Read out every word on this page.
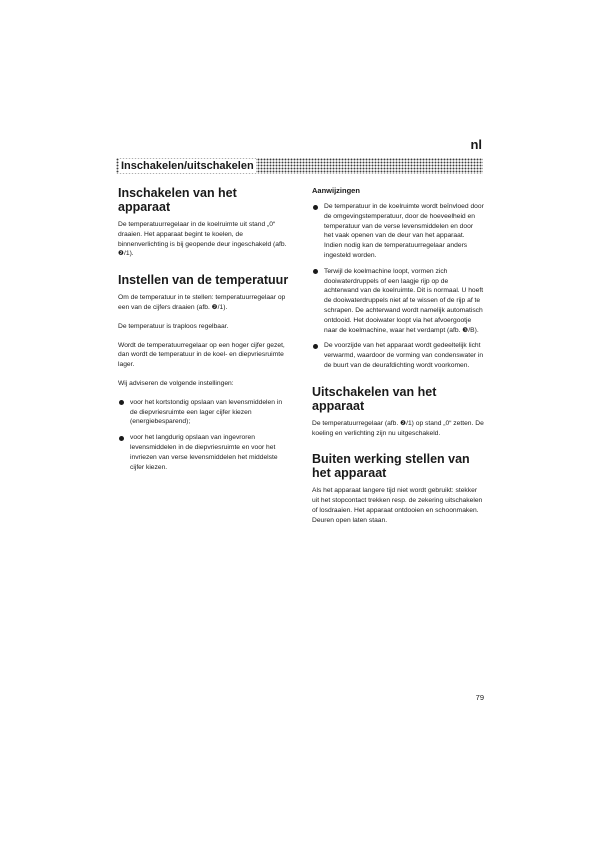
nl
Inschakelen/uitschakelen
Inschakelen van het apparaat

De temperatuurregelaar in de koelruimte uit stand „0“ draaien. Het apparaat begint te koelen, de binnenverlichting is bij geopende deur ingeschakeld (afb. ❷/1).

Instellen van de temperatuur

Om de temperatuur in te stellen: temperatuurregelaar op een van de cijfers draaien (afb. ❷/1).

De temperatuur is traploos regelbaar.

Wordt de temperatuurregelaar op een hoger cijfer gezet, dan wordt de temperatuur in de koel- en diepvriesruimte lager.

Wij adviseren de volgende instellingen:

voor het kortstondig opslaan van levensmiddelen in de diepvriesruimte een lager cijfer kiezen (energiebesparend);
voor het langdurig opslaan van ingevroren levensmiddelen in de diepvriesruimte en voor het invriezen van verse levensmiddelen het middelste cijfer kiezen.
Aanwijzingen
De temperatuur in de koelruimte wordt beïnvloed door de omgevingstemperatuur, door de hoeveelheid en temperatuur van de verse levensmiddelen en door het vaak openen van de deur van het apparaat. Indien nodig kan de temperatuurregelaar anders ingesteld worden.
Terwijl de koelmachine loopt, vormen zich dooiwaterdruppels of een laagje rijp op de achterwand van de koelruimte. Dit is normaal. U hoeft de dooiwaterdruppels niet af te wissen of de rijp af te schrapen. De achterwand wordt namelijk automatisch ontdooid. Het dooiwater loopt via het afvoergootje naar de koelmachine, waar het verdampt (afb. ❸/B).
De voorzijde van het apparaat wordt gedeeltelijk licht verwarmd, waardoor de vorming van condenswater in de buurt van de deurafdichting wordt voorkomen.
Uitschakelen van het apparaat

De temperatuurregelaar (afb. ❷/1) op stand „0“ zetten. De koeling en verlichting zijn nu uitgeschakeld.

Buiten werking stellen van het apparaat

Als het apparaat langere tijd niet wordt gebruikt: stekker uit het stopcontact trekken resp. de zekering uitschakelen of losdraaien. Het apparaat ontdooien en schoonmaken. Deuren open laten staan.

79
